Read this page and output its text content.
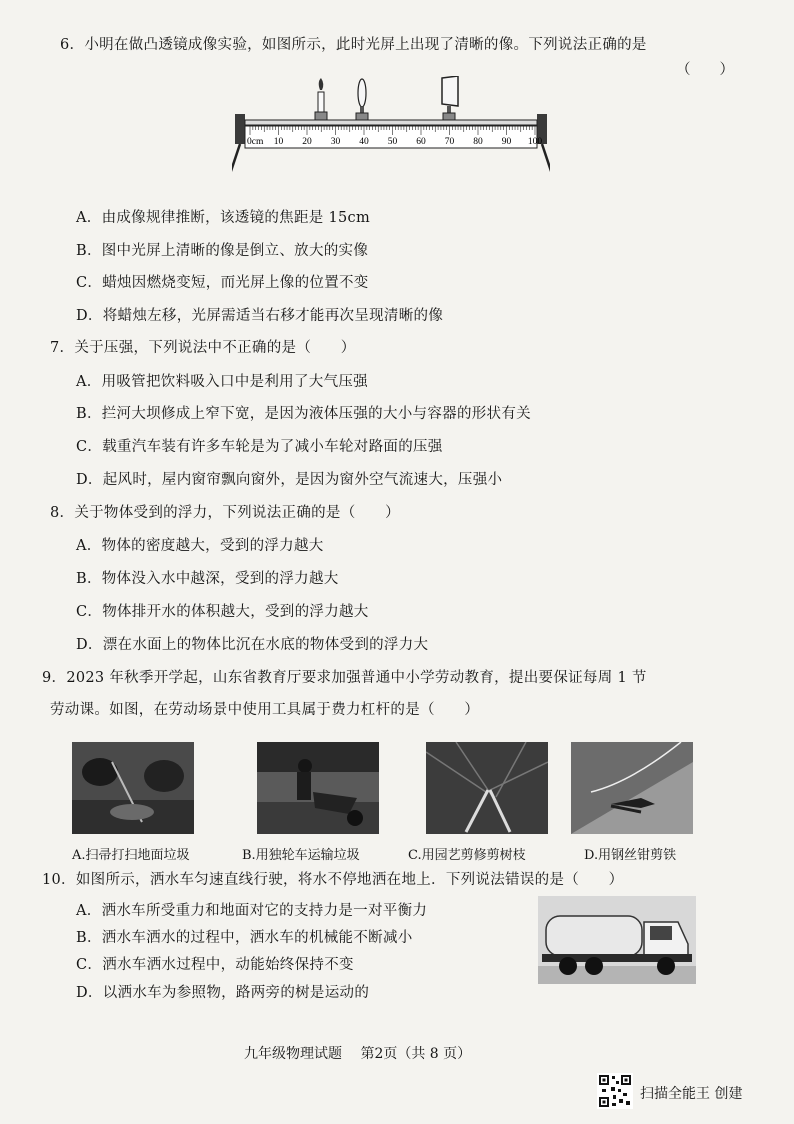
6．小明在做凸透镜成像实验，如图所示，此时光屏上出现了清晰的像。下列说法正确的是
（　　）
0cm 10 20 30 40 50 60 70 80 90 100
A．由成像规律推断，该透镜的焦距是 15cm
B．图中光屏上清晰的像是倒立、放大的实像
C．蜡烛因燃烧变短，而光屏上像的位置不变
D．将蜡烛左移，光屏需适当右移才能再次呈现清晰的像
7．关于压强，下列说法中不正确的是（　　）
A．用吸管把饮料吸入口中是利用了大气压强
B．拦河大坝修成上窄下宽，是因为液体压强的大小与容器的形状有关
C．载重汽车装有许多车轮是为了减小车轮对路面的压强
D．起风时，屋内窗帘飘向窗外，是因为窗外空气流速大，压强小
8．关于物体受到的浮力，下列说法正确的是（　　）
A．物体的密度越大，受到的浮力越大
B．物体没入水中越深，受到的浮力越大
C．物体排开水的体积越大，受到的浮力越大
D．漂在水面上的物体比沉在水底的物体受到的浮力大
9．2023 年秋季开学起，山东省教育厅要求加强普通中小学劳动教育，提出要保证每周 1 节
劳动课。如图，在劳动场景中使用工具属于费力杠杆的是（　　）
A.扫帚打扫地面垃圾	B.用独轮车运输垃圾	C.用园艺剪修剪树枝	D.用钢丝钳剪铁
10．如图所示，洒水车匀速直线行驶，将水不停地洒在地上．下列说法错误的是（　　）
A．洒水车所受重力和地面对它的支持力是一对平衡力
B．洒水车洒水的过程中，洒水车的机械能不断减小
C．洒水车洒水过程中，动能始终保持不变
D．以洒水车为参照物，路两旁的树是运动的
九年级物理试题　 第2页（共 8 页）
扫描全能王 创建
